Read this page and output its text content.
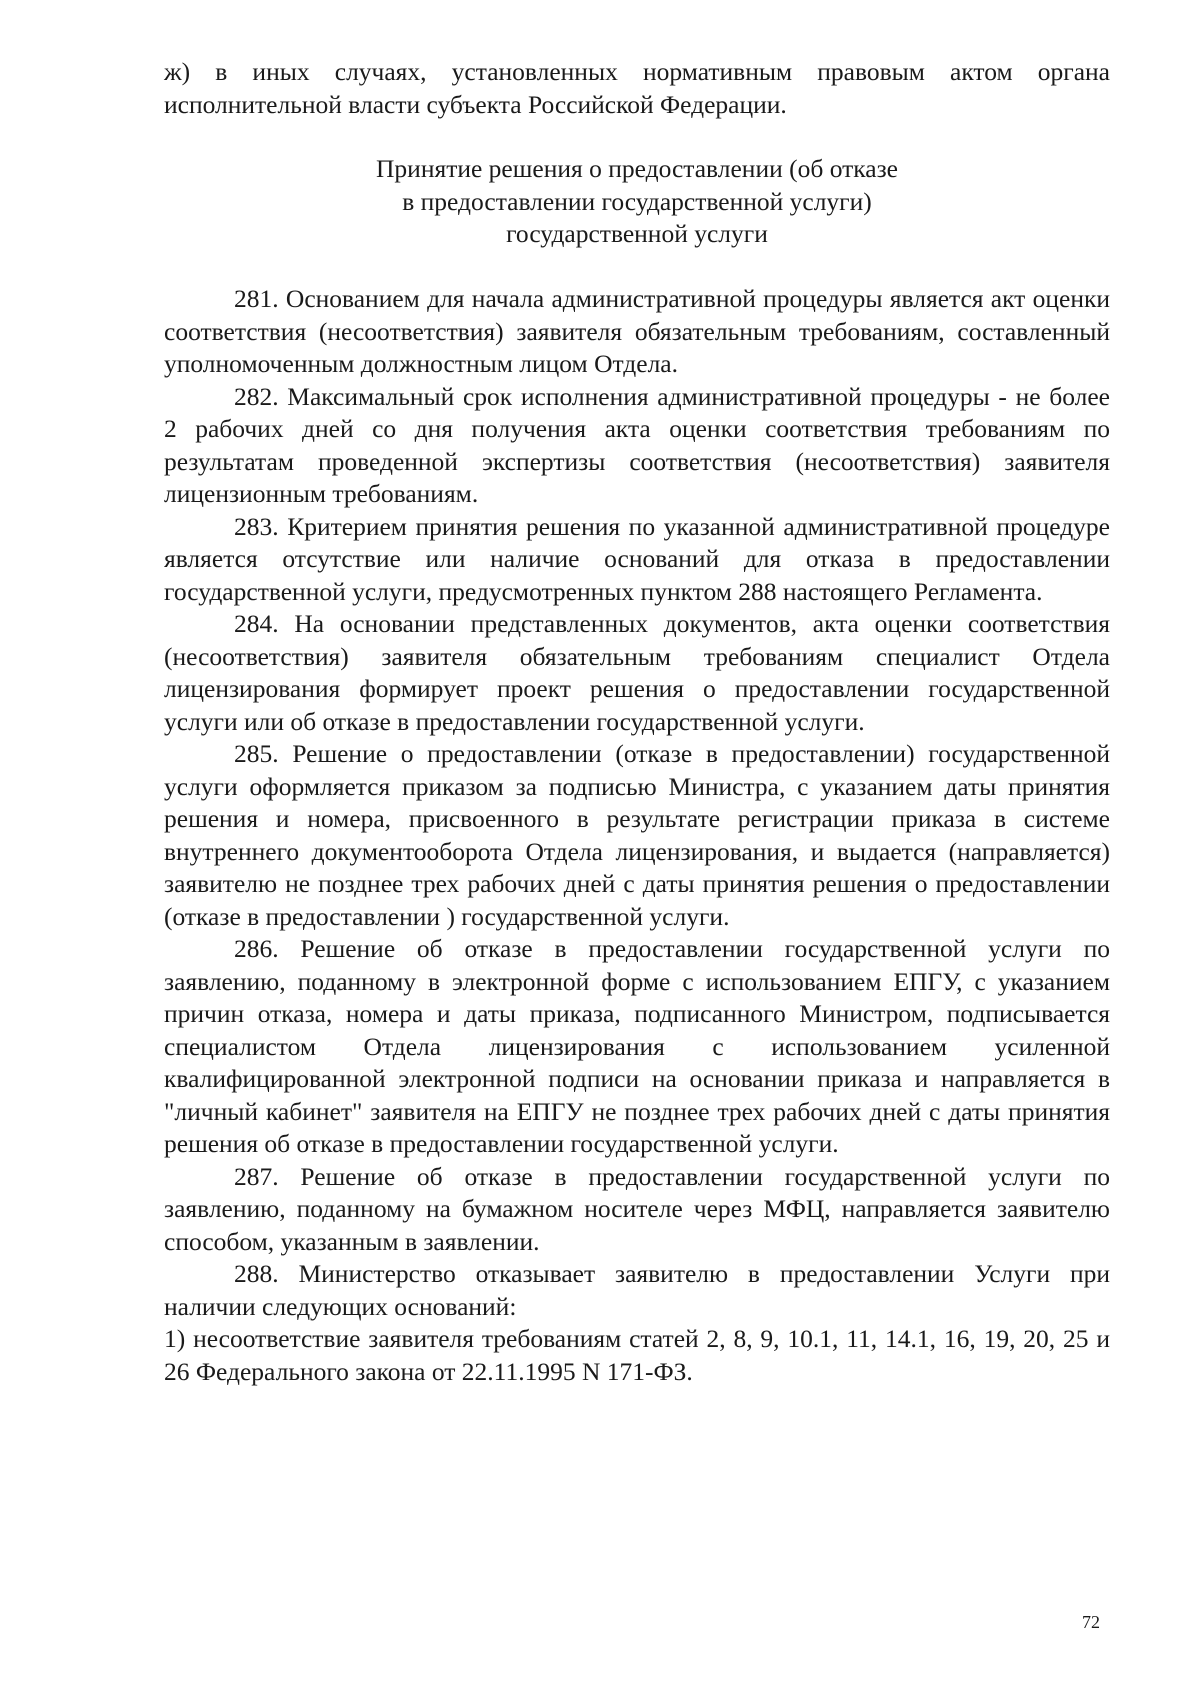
ж) в иных случаях, установленных нормативным правовым актом органа исполнительной власти субъекта Российской Федерации.

Принятие решения о предоставлении (об отказе
в предоставлении государственной услуги)
государственной услуги

281. Основанием для начала административной процедуры является акт оценки соответствия (несоответствия) заявителя обязательным требованиям, составленный уполномоченным должностным лицом Отдела.

282. Максимальный срок исполнения административной процедуры - не более 2 рабочих дней со дня получения акта оценки соответствия требованиям по результатам проведенной экспертизы соответствия (несоответствия) заявителя лицензионным требованиям.

283. Критерием принятия решения по указанной административной процедуре является отсутствие или наличие оснований для отказа в предоставлении государственной услуги, предусмотренных пунктом 288 настоящего Регламента.

284. На основании представленных документов, акта оценки соответствия (несоответствия) заявителя обязательным требованиям специалист Отдела лицензирования формирует проект решения о предоставлении государственной услуги или об отказе в предоставлении государственной услуги.

285. Решение о предоставлении (отказе в предоставлении) государственной услуги оформляется приказом за подписью Министра, с указанием даты принятия решения и номера, присвоенного в результате регистрации приказа в системе внутреннего документооборота Отдела лицензирования, и выдается (направляется) заявителю не позднее трех рабочих дней с даты принятия решения о предоставлении (отказе в предоставлении ) государственной услуги.

286. Решение об отказе в предоставлении государственной услуги по заявлению, поданному в электронной форме с использованием ЕПГУ, с указанием причин отказа, номера и даты приказа, подписанного Министром, подписывается специалистом Отдела лицензирования с использованием усиленной квалифицированной электронной подписи на основании приказа и направляется в "личный кабинет" заявителя на ЕПГУ не позднее трех рабочих дней с даты принятия решения об отказе в предоставлении государственной услуги.

287. Решение об отказе в предоставлении государственной услуги по заявлению, поданному на бумажном носителе через МФЦ, направляется заявителю способом, указанным в заявлении.

288. Министерство отказывает заявителю в предоставлении Услуги при наличии следующих оснований:

1) несоответствие заявителя требованиям статей 2, 8, 9, 10.1, 11, 14.1, 16, 19, 20, 25 и 26 Федерального закона от 22.11.1995 N 171-ФЗ.

72
